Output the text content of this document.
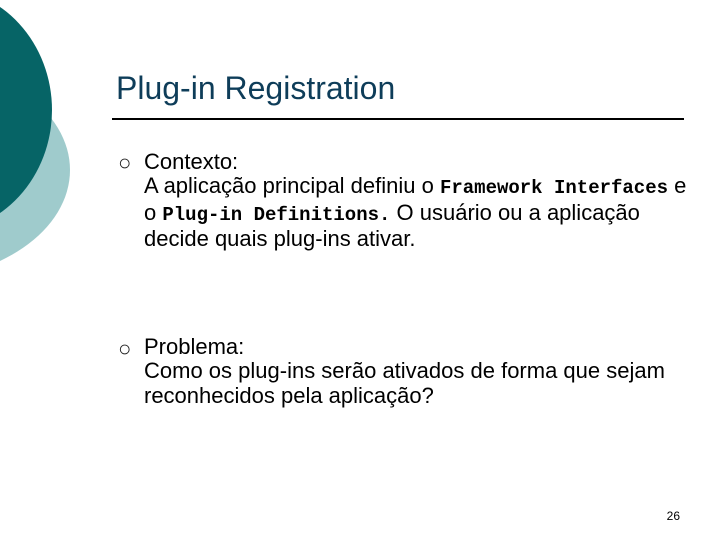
Plug-in Registration
○ Contexto:
A aplicação principal definiu o Framework Interfaces e o Plug-in Definitions. O usuário ou a aplicação decide quais plug-ins ativar.
○ Problema:
Como os plug-ins serão ativados de forma que sejam reconhecidos pela aplicação?
26
